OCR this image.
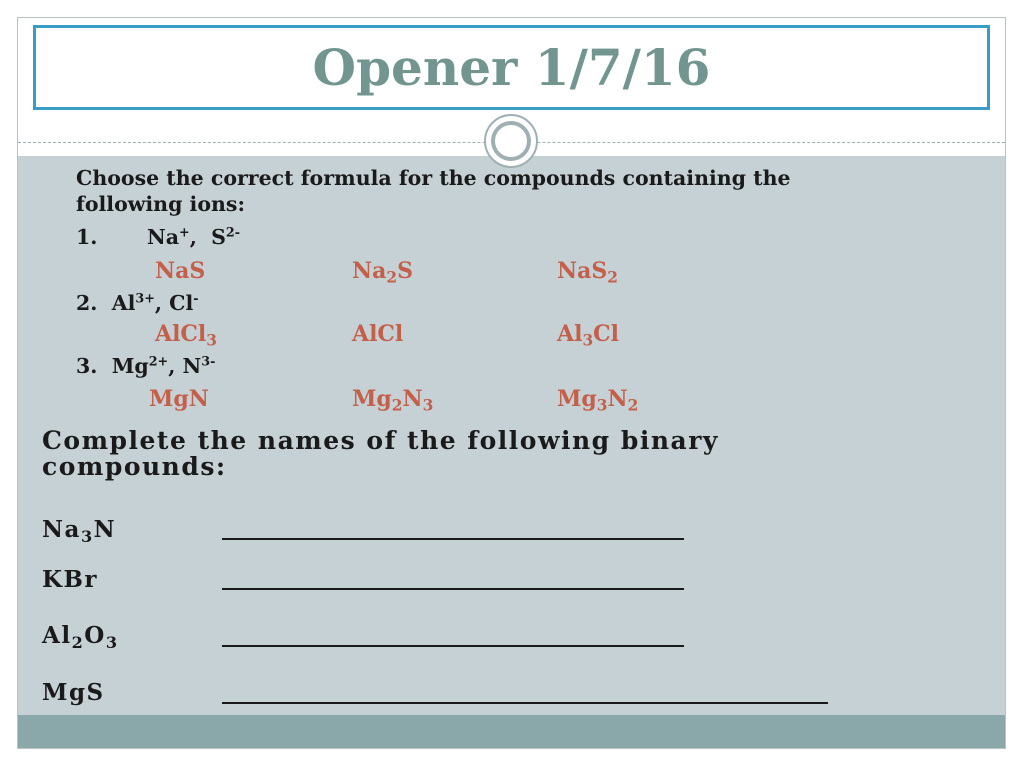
Opener 1/7/16
Choose the correct formula for the compounds containing the
following ions:
1. Na+,  $S^{2-}$
NaS	$Na_2S$	NaS$_2$
2. $Al^{3+}$, Cl-
AlCl$_3$	AlCl	$Al_3Cl$
3. $Mg^{2+}$, $N^{3-}$
MgN	$Mg_2N_3$	$Mg_3N_2$
Complete the names of the following binary
compounds:
$Na_3N$
KBr
$Al_2O_3$
MgS
